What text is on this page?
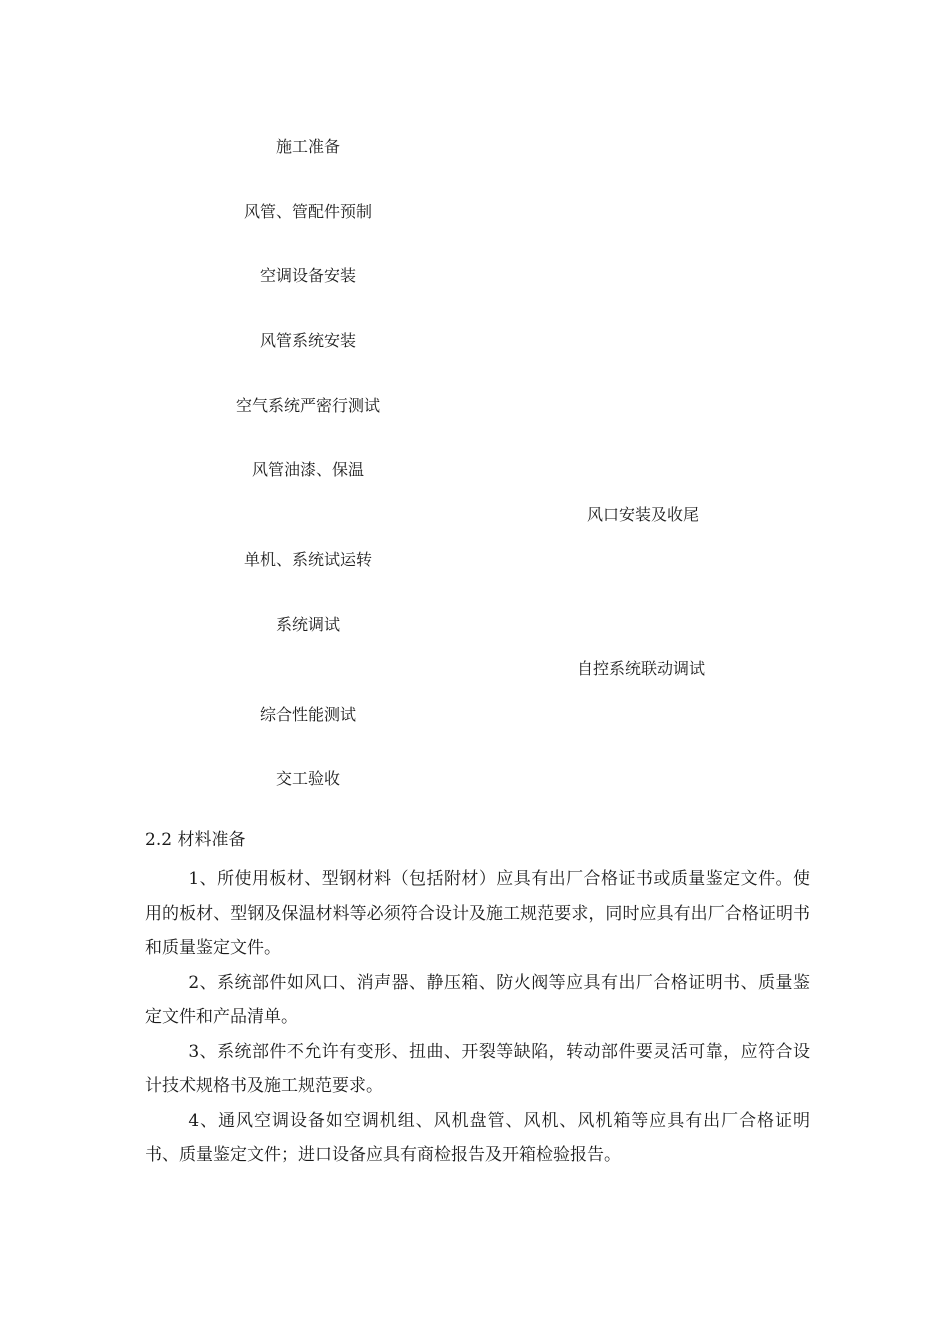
施工准备
风管、管配件预制
空调设备安装
风管系统安装
空气系统严密行测试
风管油漆、保温
风口安装及收尾
单机、系统试运转
系统调试
自控系统联动调试
综合性能测试
交工验收
2.2 材料准备

1、所使用板材、型钢材料（包括附材）应具有出厂合格证书或质量鉴定文件。使用的板材、型钢及保温材料等必须符合设计及施工规范要求，同时应具有出厂合格证明书和质量鉴定文件。

2、系统部件如风口、消声器、静压箱、防火阀等应具有出厂合格证明书、质量鉴定文件和产品清单。

3、系统部件不允许有变形、扭曲、开裂等缺陷，转动部件要灵活可靠，应符合设计技术规格书及施工规范要求。

4、通风空调设备如空调机组、风机盘管、风机、风机箱等应具有出厂合格证明书、质量鉴定文件；进口设备应具有商检报告及开箱检验报告。
